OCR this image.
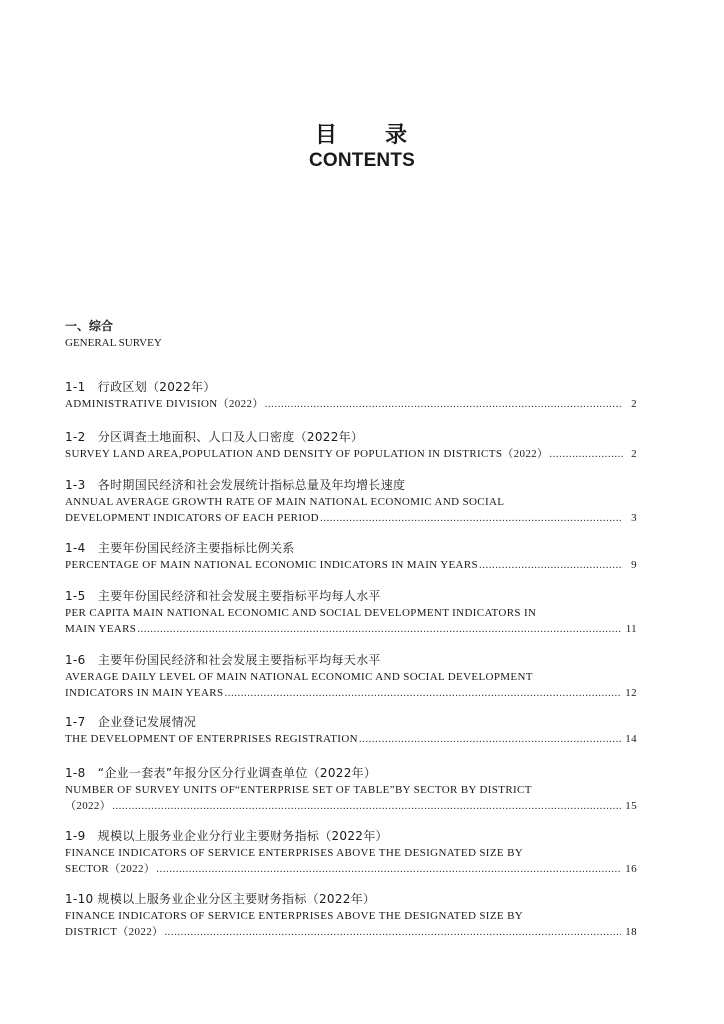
目 录
CONTENTS
一、综合
GENERAL SURVEY
1-1　行政区划（2022年）
ADMINISTRATIVE DIVISION（2022） .....	2
1-2　分区调查土地面积、人口及人口密度（2022年）
SURVEY LAND AREA,POPULATION AND DENSITY OF POPULATION IN DISTRICTS（2022） .....	2
1-3　各时期国民经济和社会发展统计指标总量及年均增长速度
ANNUAL AVERAGE GROWTH RATE OF MAIN NATIONAL ECONOMIC AND SOCIAL
DEVELOPMENT INDICATORS OF EACH PERIOD .....	3
1-4　主要年份国民经济主要指标比例关系
PERCENTAGE OF MAIN NATIONAL ECONOMIC INDICATORS IN MAIN YEARS .....	9
1-5　主要年份国民经济和社会发展主要指标平均每人水平
PER CAPITA MAIN NATIONAL ECONOMIC AND SOCIAL DEVELOPMENT INDICATORS IN
MAIN YEARS .....	11
1-6　主要年份国民经济和社会发展主要指标平均每天水平
AVERAGE DAILY LEVEL OF MAIN NATIONAL ECONOMIC AND SOCIAL DEVELOPMENT
INDICATORS IN MAIN YEARS .....	12
1-7　企业登记发展情况
THE DEVELOPMENT OF ENTERPRISES REGISTRATION .....	14
1-8　“企业一套表”年报分区分行业调查单位（2022年）
NUMBER OF SURVEY UNITS OF“ENTERPRISE SET OF TABLE”BY SECTOR BY DISTRICT
（2022） .....	15
1-9　规模以上服务业企业分行业主要财务指标（2022年）
FINANCE INDICATORS OF SERVICE ENTERPRISES ABOVE THE DESIGNATED SIZE BY
SECTOR（2022） .....	16
1-10 规模以上服务业企业分区主要财务指标（2022年）
FINANCE INDICATORS OF SERVICE ENTERPRISES ABOVE THE DESIGNATED SIZE BY
DISTRICT（2022） .....	18
